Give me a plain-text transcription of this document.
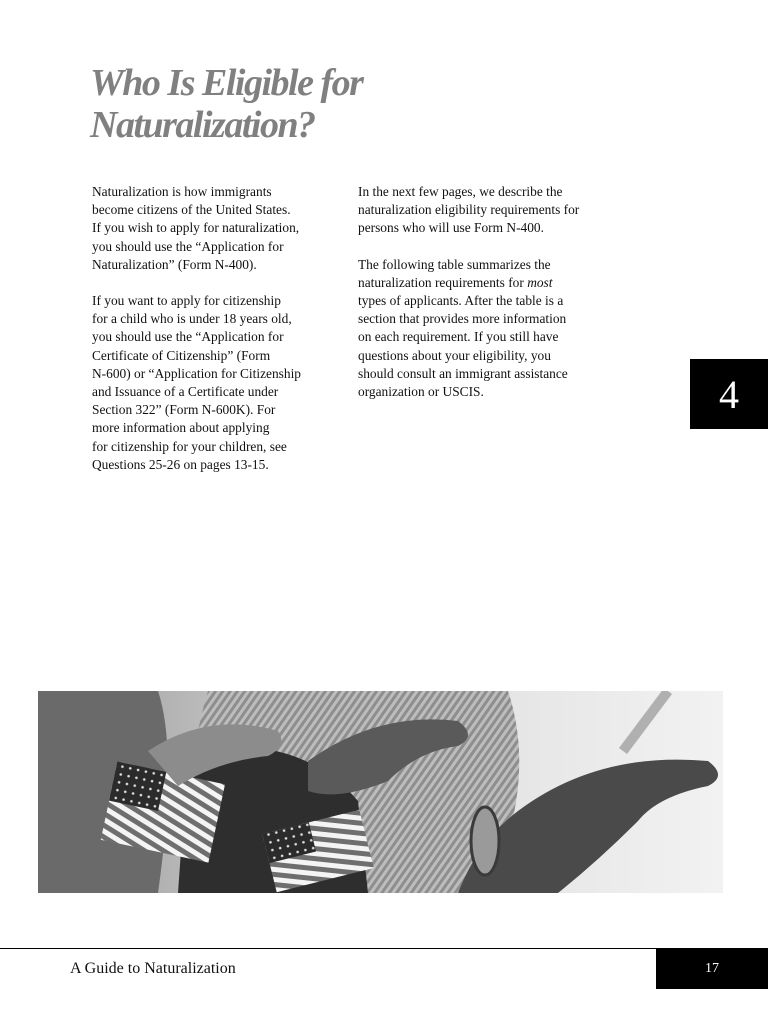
Who Is Eligible for
Naturalization?

Naturalization is how immigrants
become citizens of the United States.
If you wish to apply for naturalization,
you should use the “Application for
Naturalization” (Form N-400).

If you want to apply for citizenship
for a child who is under 18 years old,
you should use the “Application for
Certificate of Citizenship” (Form
N-600) or “Application for Citizenship
and Issuance of a Certificate under
Section 322” (Form N-600K). For
more information about applying
for citizenship for your children, see
Questions 25-26 on pages 13-15.

In the next few pages, we describe the
naturalization eligibility requirements for
persons who will use Form N-400.

The following table summarizes the
naturalization requirements for most
types of applicants. After the table is a
section that provides more information
on each requirement. If you still have
questions about your eligibility, you
should consult an immigrant assistance
organization or USCIS.	4
A Guide to Naturalization	17
